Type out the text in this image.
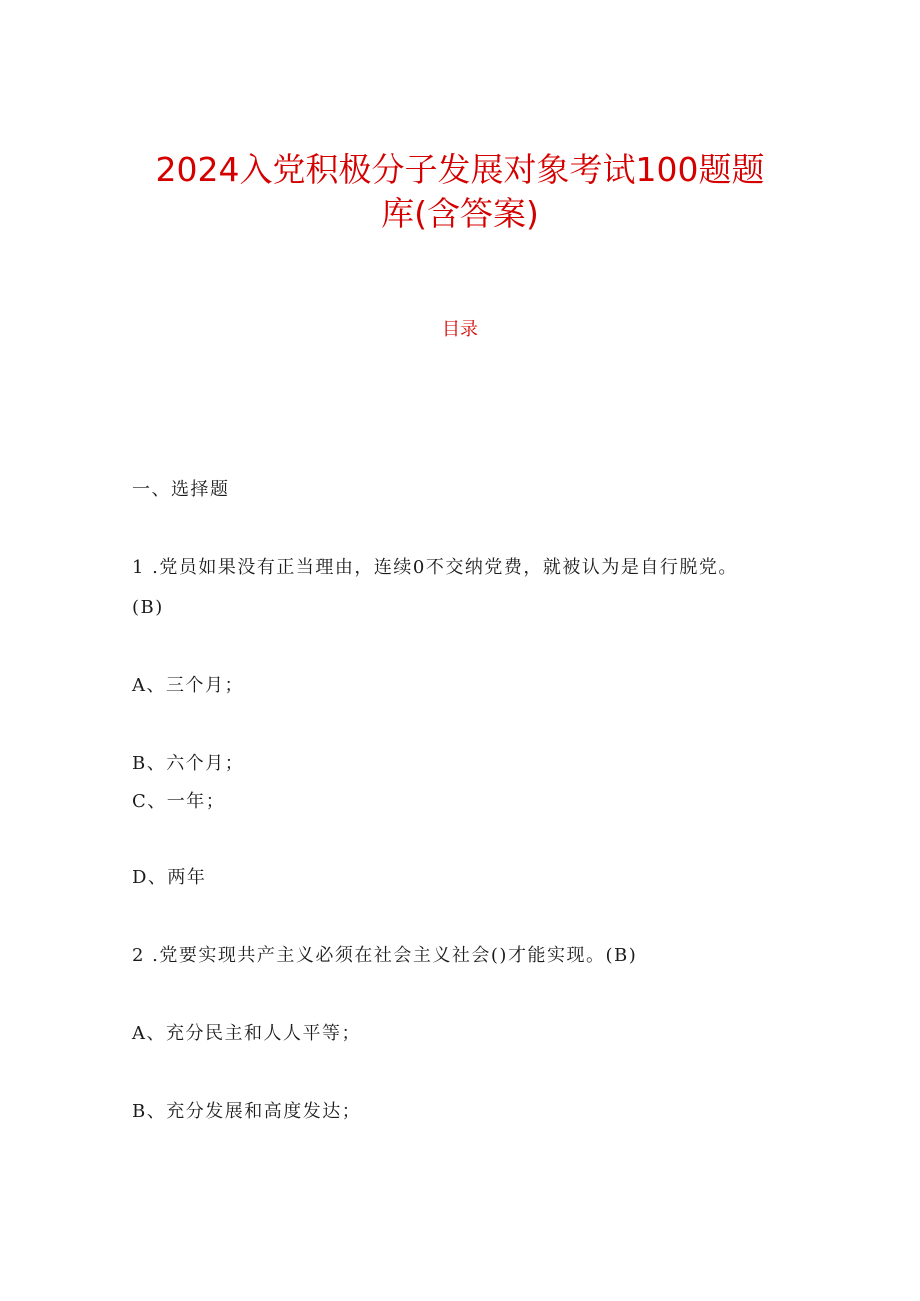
2024入党积极分子发展对象考试100题题
库(含答案)
目录
一、选择题
1 .党员如果没有正当理由，连续0不交纳党费，就被认为是自行脱党。
(B)
A、三个月；
B、六个月；
C、一年；
D、两年
2 .党要实现共产主义必须在社会主义社会()才能实现。(B)
A、充分民主和人人平等；
B、充分发展和高度发达；
